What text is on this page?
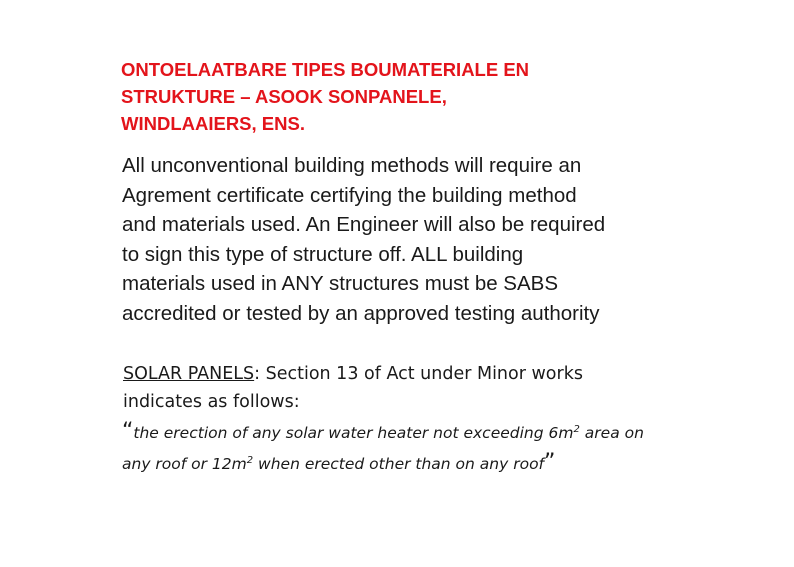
ONTOELAATBARE TIPES BOUMATERIALE EN
STRUKTURE – ASOOK SONPANELE,
WINDLAAIERS, ENS.
All unconventional building methods will require an
Agrement certificate certifying the building method
and materials used. An Engineer will also be required
to sign this type of structure off. ALL building
materials used in ANY structures must be SABS
accredited or tested by an approved testing authority
SOLAR PANELS: Section 13 of Act under Minor works
indicates as follows:
“the erection of any solar water heater not exceeding $6m^2$ area on
any roof or $12m^2$ when erected other than on any roof”
